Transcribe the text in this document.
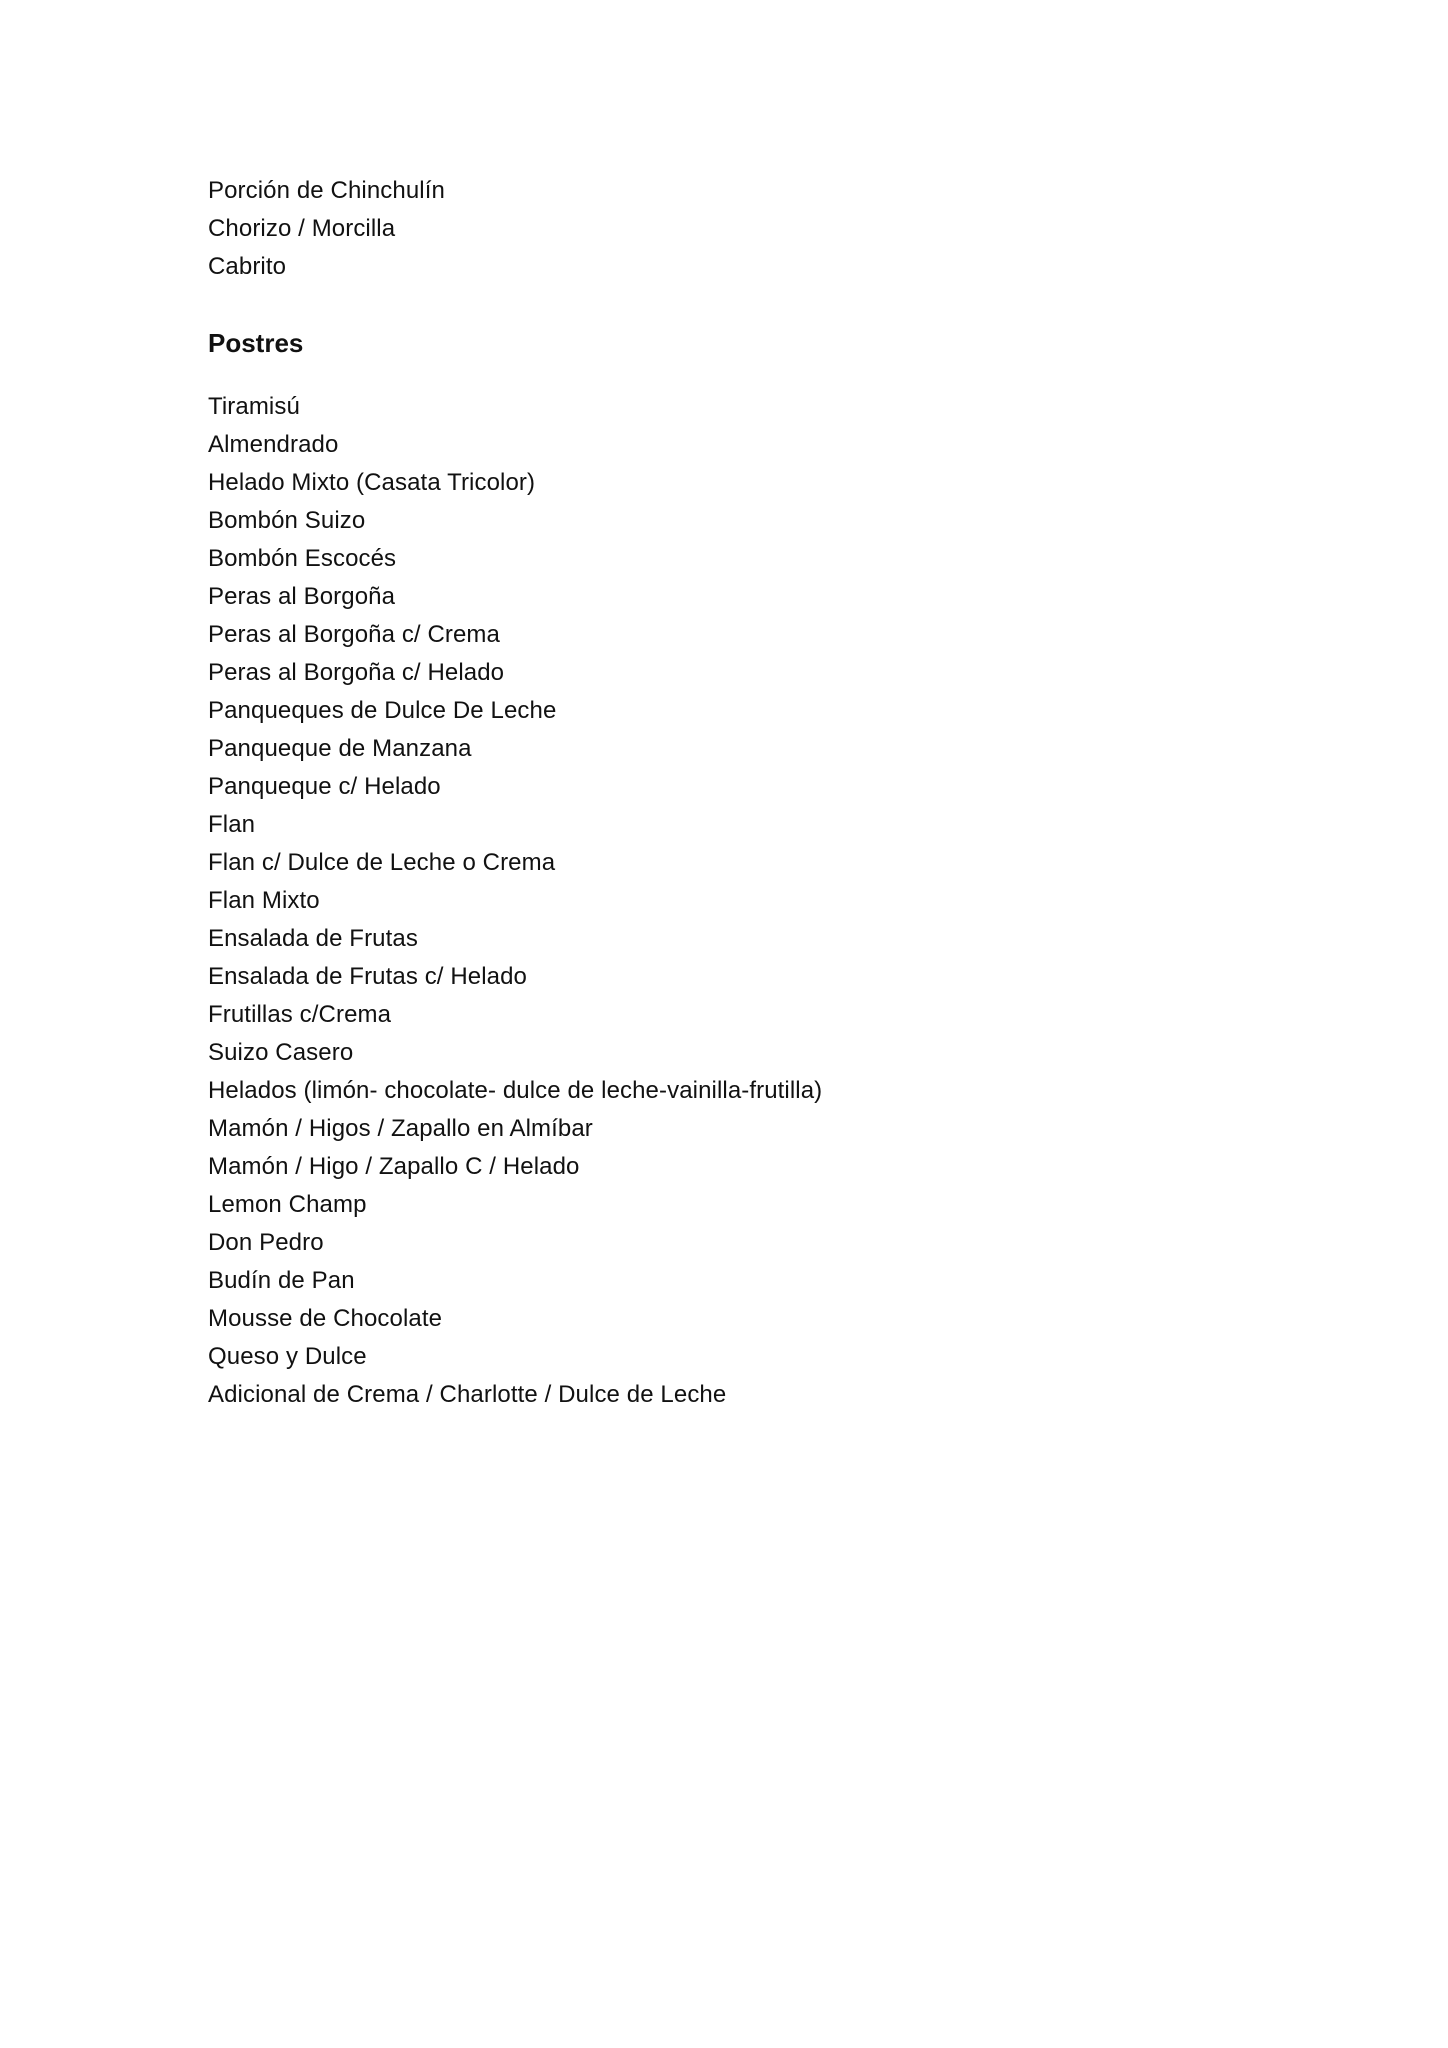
Porción de Chinchulín
Chorizo / Morcilla
Cabrito
Postres
Tiramisú
Almendrado
Helado Mixto (Casata Tricolor)
Bombón Suizo
Bombón Escocés
Peras al Borgoña
Peras al Borgoña c/ Crema
Peras al Borgoña c/ Helado
Panqueques de Dulce De Leche
Panqueque de Manzana
Panqueque c/ Helado
Flan
Flan c/ Dulce de Leche o Crema
Flan Mixto
Ensalada de Frutas
Ensalada de Frutas c/ Helado
Frutillas c/Crema
Suizo Casero
Helados (limón- chocolate- dulce de leche-vainilla-frutilla)
Mamón / Higos / Zapallo en Almíbar
Mamón / Higo / Zapallo C / Helado
Lemon Champ
Don Pedro
Budín de Pan
Mousse de Chocolate
Queso y Dulce
Adicional de Crema / Charlotte / Dulce de Leche
